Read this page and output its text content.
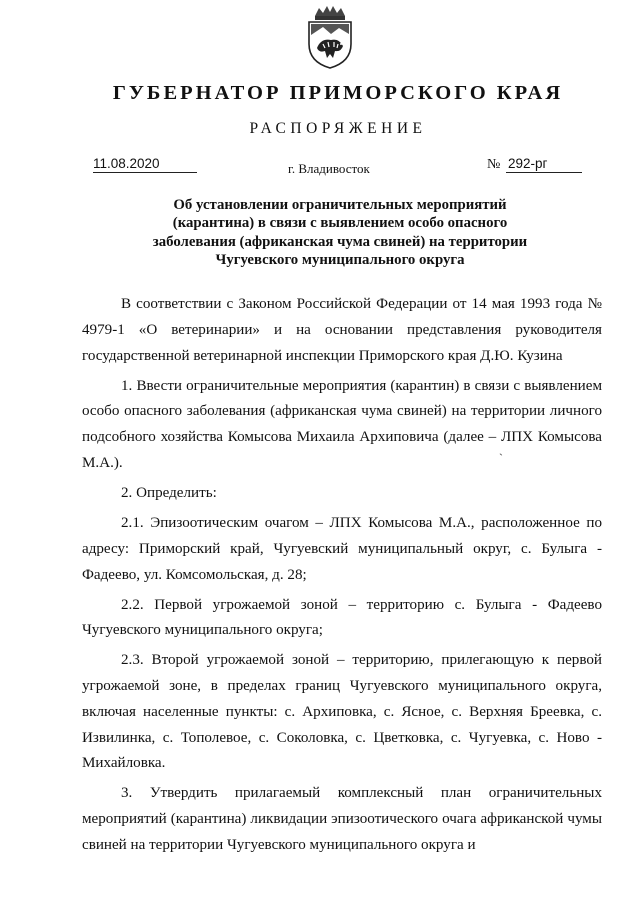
ГУБЕРНАТОР ПРИМОРСКОГО КРАЯ
РАСПОРЯЖЕНИЕ
11.08.2020	г. Владивосток	№ 292-рг
Об установлении ограничительных мероприятий
(карантина) в связи с выявлением особо опасного
заболевания (африканская чума свиней) на территории
Чугуевского муниципального округа

В соответствии с Законом Российской Федерации от 14 мая 1993 года № 4979-1 «О ветеринарии» и на основании представления руководителя государственной ветеринарной инспекции Приморского края Д.Ю. Кузина

1. Ввести ограничительные мероприятия (карантин) в связи с выявлением особо опасного заболевания (африканская чума свиней) на территории личного подсобного хозяйства Комысова Михаила Архиповича (далее – ЛПХ Комысова М.А.).

2. Определить:

2.1. Эпизоотическим очагом – ЛПХ Комысова М.А., расположенное по адресу: Приморский край, Чугуевский муниципальный округ, с. Булыга - Фадеево, ул. Комсомольская, д. 28;

2.2. Первой угрожаемой зоной – территорию с. Булыга - Фадеево Чугуевского муниципального округа;

2.3. Второй угрожаемой зоной – территорию, прилегающую к первой угрожаемой зоне, в пределах границ Чугуевского муниципального округа, включая населенные пункты: с. Архиповка, с. Ясное, с. Верхняя Бреевка, с. Извилинка, с. Тополевое, с. Соколовка, с. Цветковка, с. Чугуевка, с. Ново - Михайловка.

3. Утвердить прилагаемый комплексный план ограничительных мероприятий (карантина) ликвидации эпизоотического очага африканской чумы свиней на территории Чугуевского муниципального округа и

`
